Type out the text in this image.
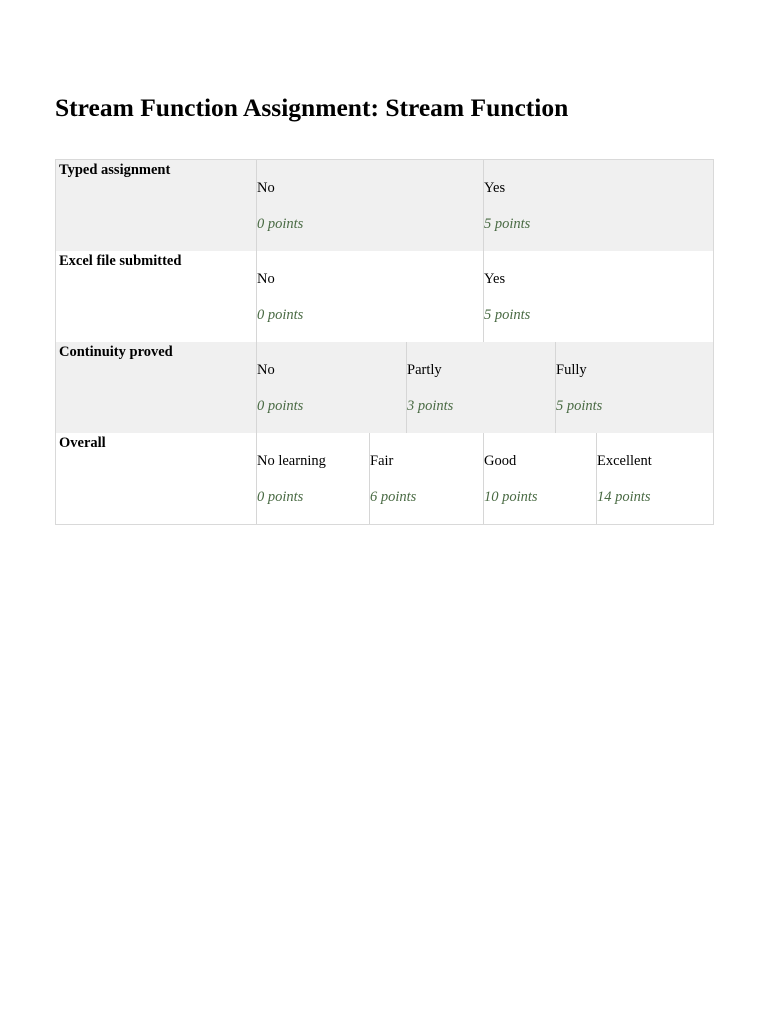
Stream Function Assignment: Stream Function
Typed assignment
No
0 points
Yes
5 points
Excel file submitted
No
0 points
Yes
5 points
Continuity proved
No
0 points
Partly
3 points
Fully
5 points
Overall
No learning
0 points
Fair
6 points
Good
10 points
Excellent
14 points
